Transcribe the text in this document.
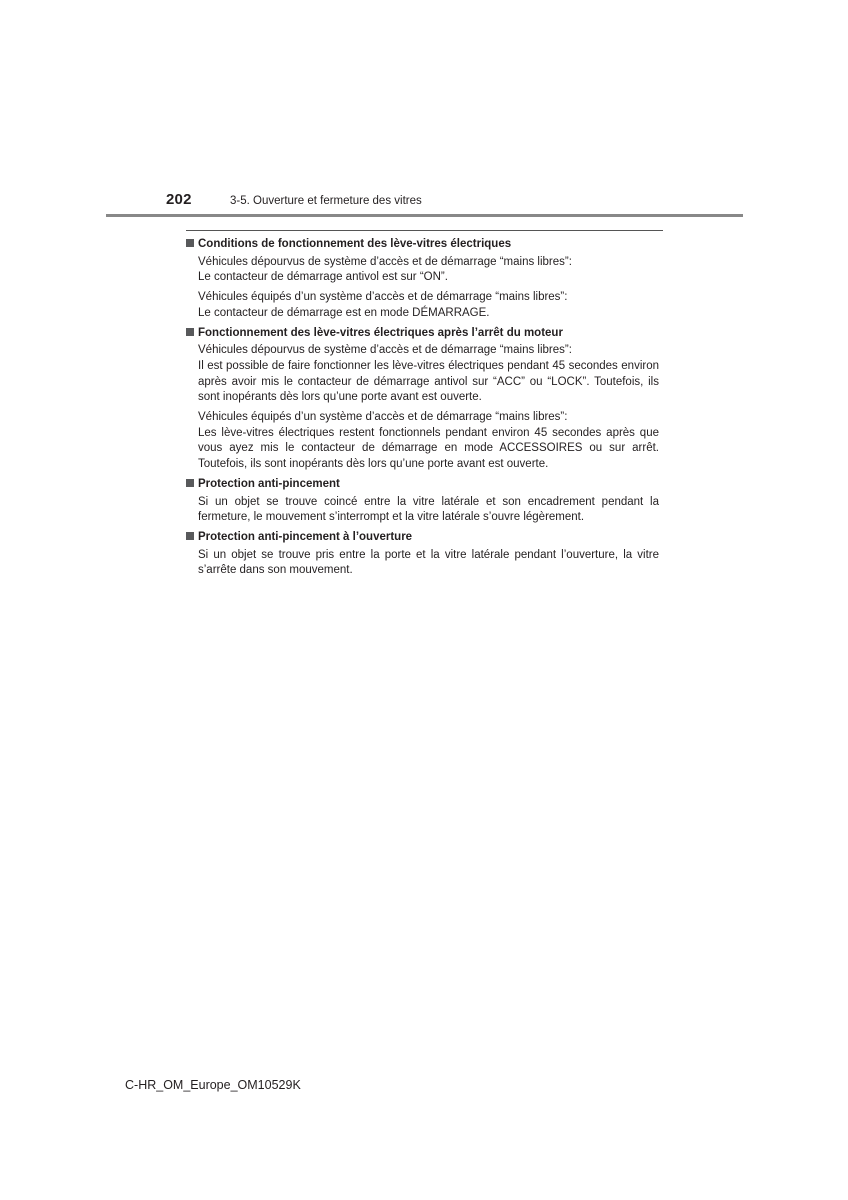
202	3-5. Ouverture et fermeture des vitres
Conditions de fonctionnement des lève-vitres électriques
Véhicules dépourvus de système d’accès et de démarrage “mains libres”:
Le contacteur de démarrage antivol est sur “ON”.
Véhicules équipés d’un système d’accès et de démarrage “mains libres”:
Le contacteur de démarrage est en mode DÉMARRAGE.
Fonctionnement des lève-vitres électriques après l’arrêt du moteur
Véhicules dépourvus de système d’accès et de démarrage “mains libres”:
Il est possible de faire fonctionner les lève-vitres électriques pendant 45 secondes environ après avoir mis le contacteur de démarrage antivol sur “ACC” ou “LOCK”. Toutefois, ils sont inopérants dès lors qu’une porte avant est ouverte.
Véhicules équipés d’un système d’accès et de démarrage “mains libres”:
Les lève-vitres électriques restent fonctionnels pendant environ 45 secondes après que vous ayez mis le contacteur de démarrage en mode ACCESSOIRES ou sur arrêt. Toutefois, ils sont inopérants dès lors qu’une porte avant est ouverte.
Protection anti-pincement
Si un objet se trouve coincé entre la vitre latérale et son encadrement pendant la fermeture, le mouvement s’interrompt et la vitre latérale s’ouvre légèrement.
Protection anti-pincement à l’ouverture
Si un objet se trouve pris entre la porte et la vitre latérale pendant l’ouverture, la vitre s’arrête dans son mouvement.
C-HR_OM_Europe_OM10529K
